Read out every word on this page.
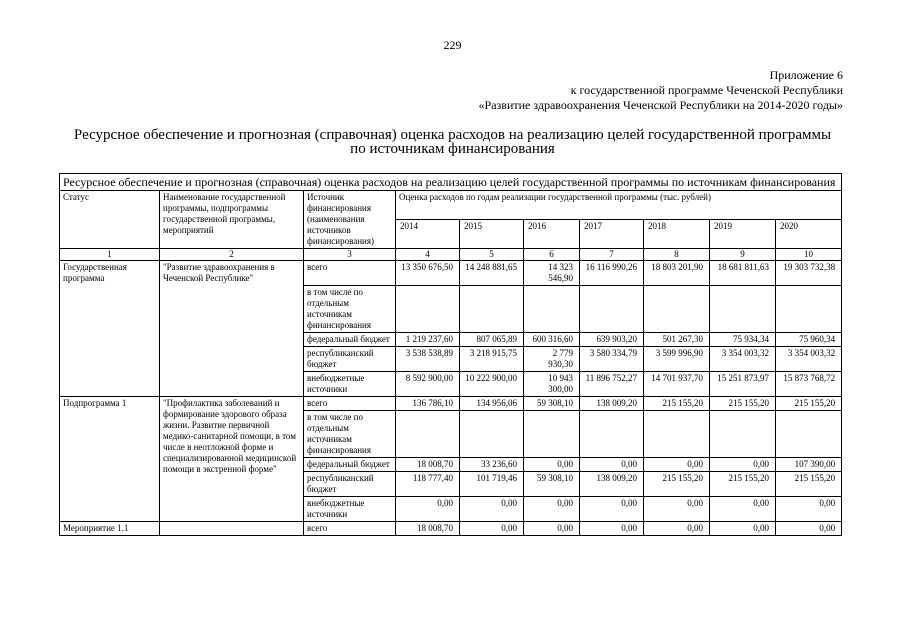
229
Приложение 6
к государственной программе Чеченской Республики
«Развитие здравоохранения Чеченской Республики на 2014-2020 годы»
Ресурсное обеспечение и прогнозная (справочная) оценка расходов на реализацию целей государственной программы
по источникам финансирования
Ресурсное обеспечение и прогнозная (справочная) оценка расходов на реализацию целей государственной программы по источникам финансирования									
Статус	Наименование государственной программы, подпрограммы государственной программы, мероприятий	Источник финансирования (наименования источников финансирования)	Оценка расходов по годам реализации государственной программы (тыс. рублей)						
			2014	2015	2016	2017	2018	2019	2020
1	2	3	4	5	6	7	8	9	10
Государственная программа	"Развитие здравоохранения в Чеченской Республике"	всего	13 350 676,50	14 248 881,65	14 323 546,90	16 116 990,26	18 803 201,90	18 681 811,63	19 303 732,38
		в том числе по отдельным источникам финансирования							
		федеральный бюджет	1 219 237,60	807 065,89	600 316,60	639 903,20	501 267,30	75 934,34	75 960,34
		республиканский бюджет	3 538 538,89	3 218 915,75	2 779 930,30	3 580 334,79	3 599 996,90	3 354 003,32	3 354 003,32
		внебюджетные источники	8 592 900,00	10 222 900,00	10 943 300,00	11 896 752,27	14 701 937,70	15 251 873,97	15 873 768,72
Подпрограмма 1	"Профилактика заболеваний и формирование здорового образа жизни. Развитие первичной медико-санитарной помощи, в том числе в неотложной форме и специализированной медицинской помощи в экстренной форме"	всего	136 786,10	134 956,06	59 308,10	138 009,20	215 155,20	215 155,20	215 155,20
		в том числе по отдельным источникам финансирования							
		федеральный бюджет	18 008,70	33 236,60	0,00	0,00	0,00	0,00	107 390,00
		республиканский бюджет	118 777,40	101 719,46	59 308,10	138 009,20	215 155,20	215 155,20	215 155,20
		внебюджетные источники	0,00	0,00	0,00	0,00	0,00	0,00	0,00
Мероприятие 1.1		всего	18 008,70	0,00	0,00	0,00	0,00	0,00	0,00
